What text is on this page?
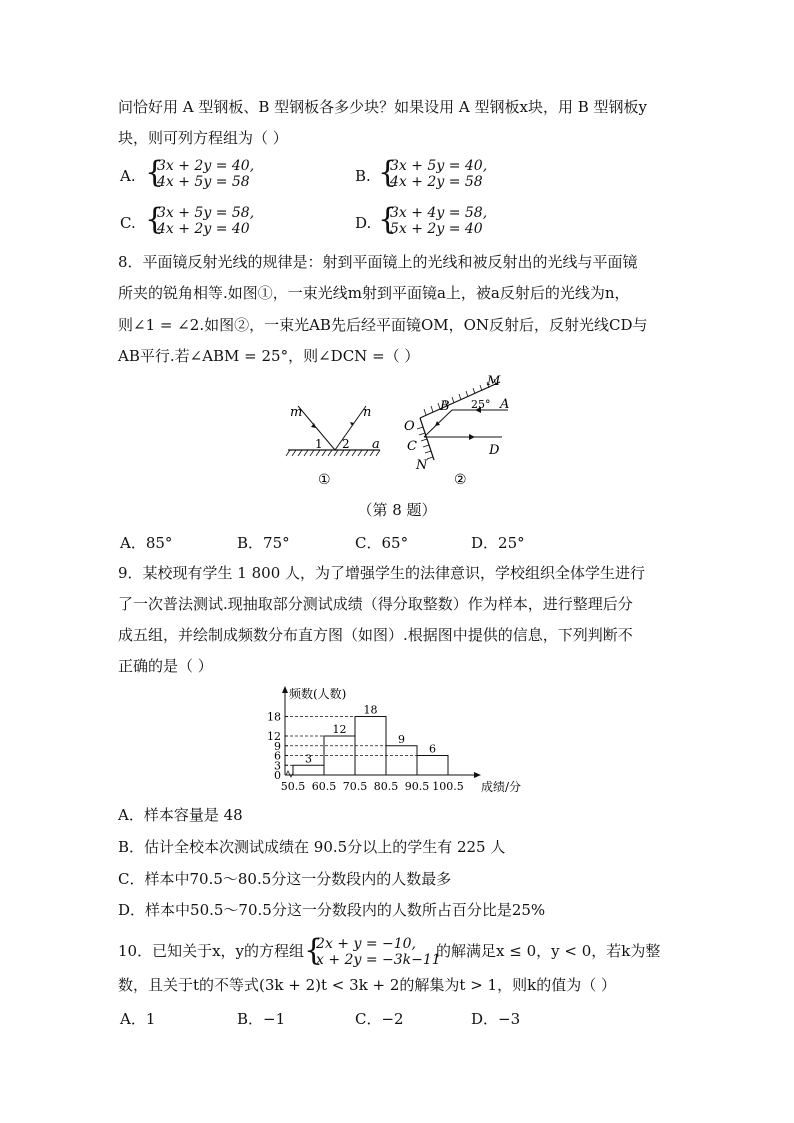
问恰好用 A 型钢板、B 型钢板各多少块？如果设用 A 型钢板x块，用 B 型钢板y
块，则可列方程组为（ ）
A. {
3x + 2y = 40,
4x + 5y = 58	B. {
3x + 5y = 40,
4x + 2y = 58
C. {
3x + 5y = 58,
4x + 2y = 40	D. {
3x + 4y = 58,
5x + 2y = 40
8．平面镜反射光线的规律是：射到平面镜上的光线和被反射出的光线与平面镜
所夹的锐角相等.如图①，一束光线m射到平面镜a上，被a反射后的光线为n，
则∠1 = ∠2.如图②，一束光AB先后经平面镜OM，ON反射后，反射光线CD与
AB平行.若∠ABM = 25°，则∠DCN =（ ）
m	n
a
1 2
①
M
B 25° A
O
C	D
N
②
（第 8 题）
A．85°	B．75°	C．65°	D．25°
9．某校现有学生 1 800 人，为了增强学生的法律意识，学校组织全体学生进行
了一次普法测试.现抽取部分测试成绩（得分取整数）作为样本，进行整理后分
成五组，并绘制成频数分布直方图（如图）.根据图中提供的信息，下列判断不
正确的是（ ）
频数(人数)
成绩/分
0
3
6
9
12
18
3
12
18
9
6
50.5 60.5 70.5 80.5 90.5 100.5
A．样本容量是 48
B．估计全校本次测试成绩在 90.5分以上的学生有 225 人
C．样本中70.5～80.5分这一分数段内的人数最多
D．样本中50.5～70.5分这一分数段内的人数所占百分比是25%
10．已知关于x，y的方程组 {
2x + y = −10,
x + 2y = −3k−11
的解满足x ≤ 0，y < 0，若k为整
数，且关于t的不等式(3k + 2)t < 3k + 2的解集为t > 1，则k的值为（ ）
A．1	B．−1	C．−2	D．−3
